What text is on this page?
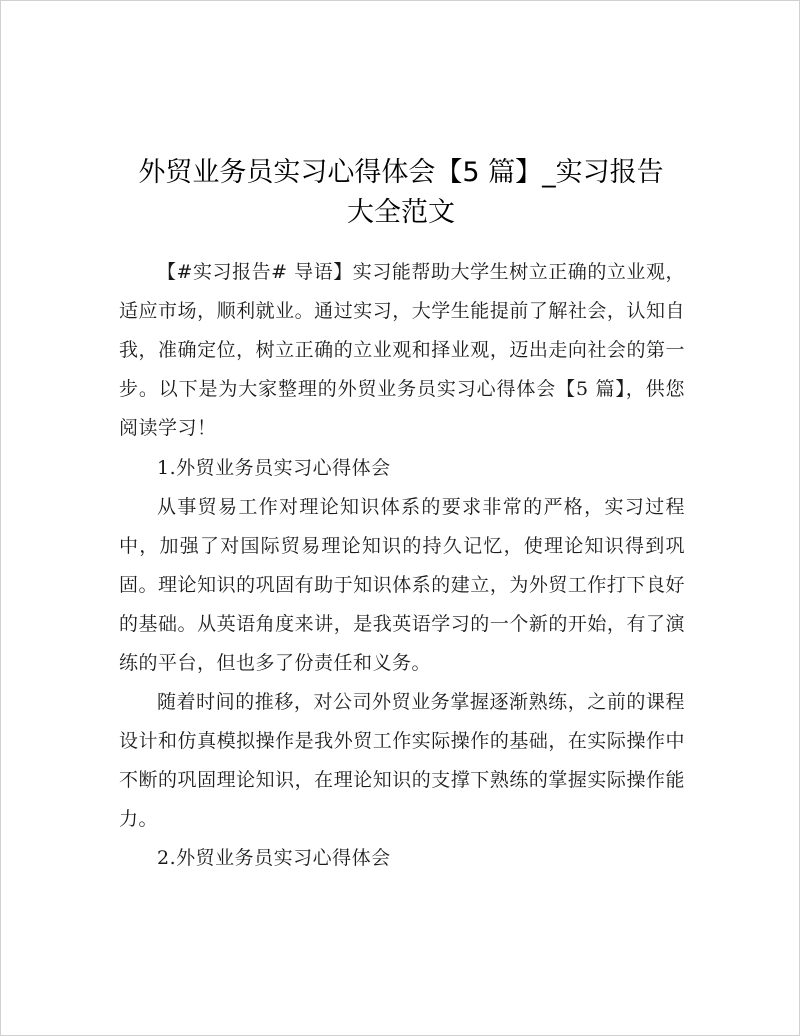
外贸业务员实习心得体会【5 篇】_实习报告
大全范文

【#实习报告# 导语】实习能帮助大学生树立正确的立业观，适应市场，顺利就业。通过实习，大学生能提前了解社会，认知自我，准确定位，树立正确的立业观和择业观，迈出走向社会的第一步。以下是为大家整理的外贸业务员实习心得体会【5 篇】，供您阅读学习！

1.外贸业务员实习心得体会

从事贸易工作对理论知识体系的要求非常的严格，实习过程中，加强了对国际贸易理论知识的持久记忆，使理论知识得到巩固。理论知识的巩固有助于知识体系的建立，为外贸工作打下良好的基础。从英语角度来讲，是我英语学习的一个新的开始，有了演练的平台，但也多了份责任和义务。

随着时间的推移，对公司外贸业务掌握逐渐熟练，之前的课程设计和仿真模拟操作是我外贸工作实际操作的基础，在实际操作中不断的巩固理论知识，在理论知识的支撑下熟练的掌握实际操作能力。

2.外贸业务员实习心得体会
